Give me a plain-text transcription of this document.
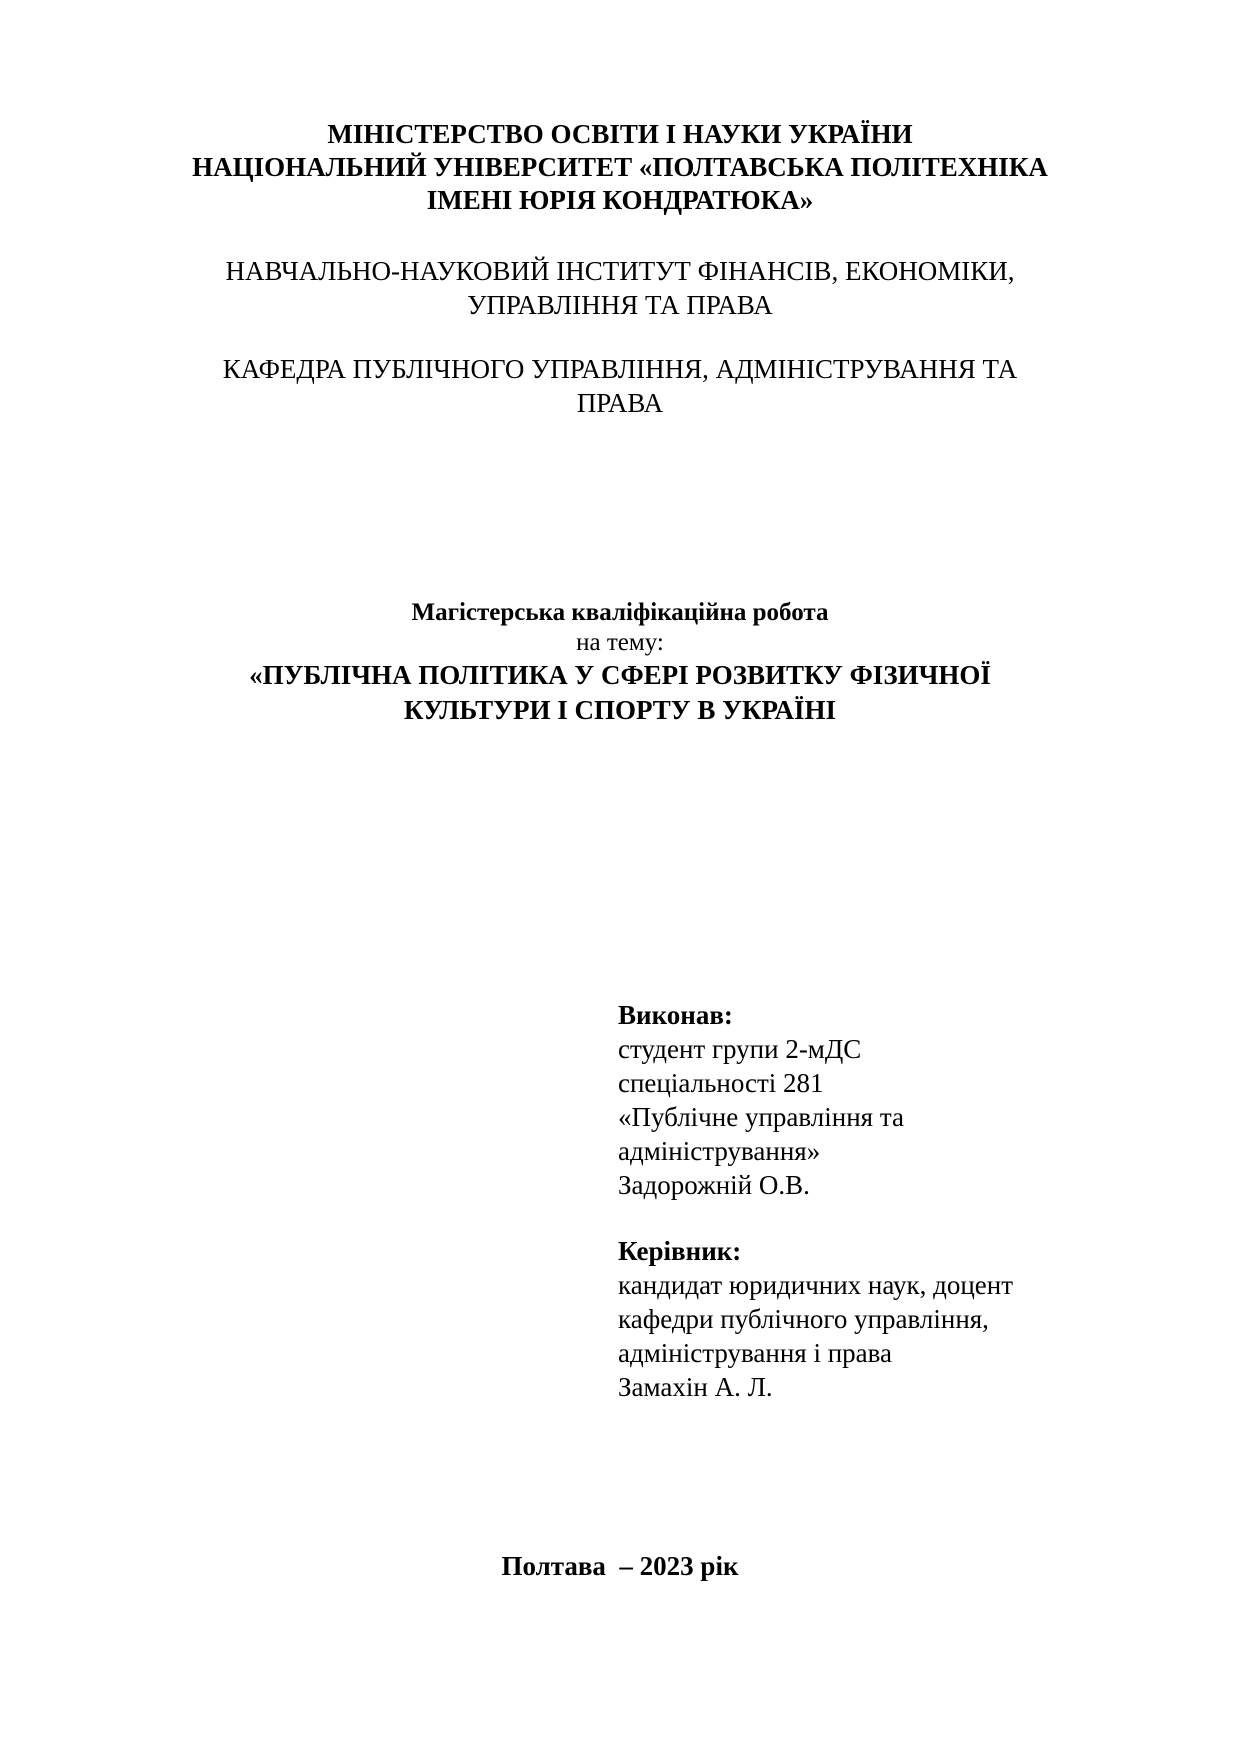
МІНІСТЕРСТВО ОСВІТИ І НАУКИ УКРАЇНИ
НАЦІОНАЛЬНИЙ УНІВЕРСИТЕТ «ПОЛТАВСЬКА ПОЛІТЕХНІКА
ІМЕНІ ЮРІЯ КОНДРАТЮКА»
НАВЧАЛЬНО-НАУКОВИЙ ІНСТИТУТ ФІНАНСІВ, ЕКОНОМІКИ,
УПРАВЛІННЯ ТА ПРАВА
КАФЕДРА ПУБЛІЧНОГО УПРАВЛІННЯ, АДМІНІСТРУВАННЯ ТА
ПРАВА
Магістерська кваліфікаційна робота
на тему:
«ПУБЛІЧНА ПОЛІТИКА У СФЕРІ РОЗВИТКУ ФІЗИЧНОЇ
КУЛЬТУРИ І СПОРТУ В УКРАЇНІ
Виконав:
студент групи 2-мДС
спеціальності 281
«Публічне управління та
адміністрування»
Задорожній О.В.
Керівник:
кандидат юридичних наук, доцент
кафедри публічного управління,
адміністрування і права
Замахін А. Л.
Полтава  – 2023 рік
